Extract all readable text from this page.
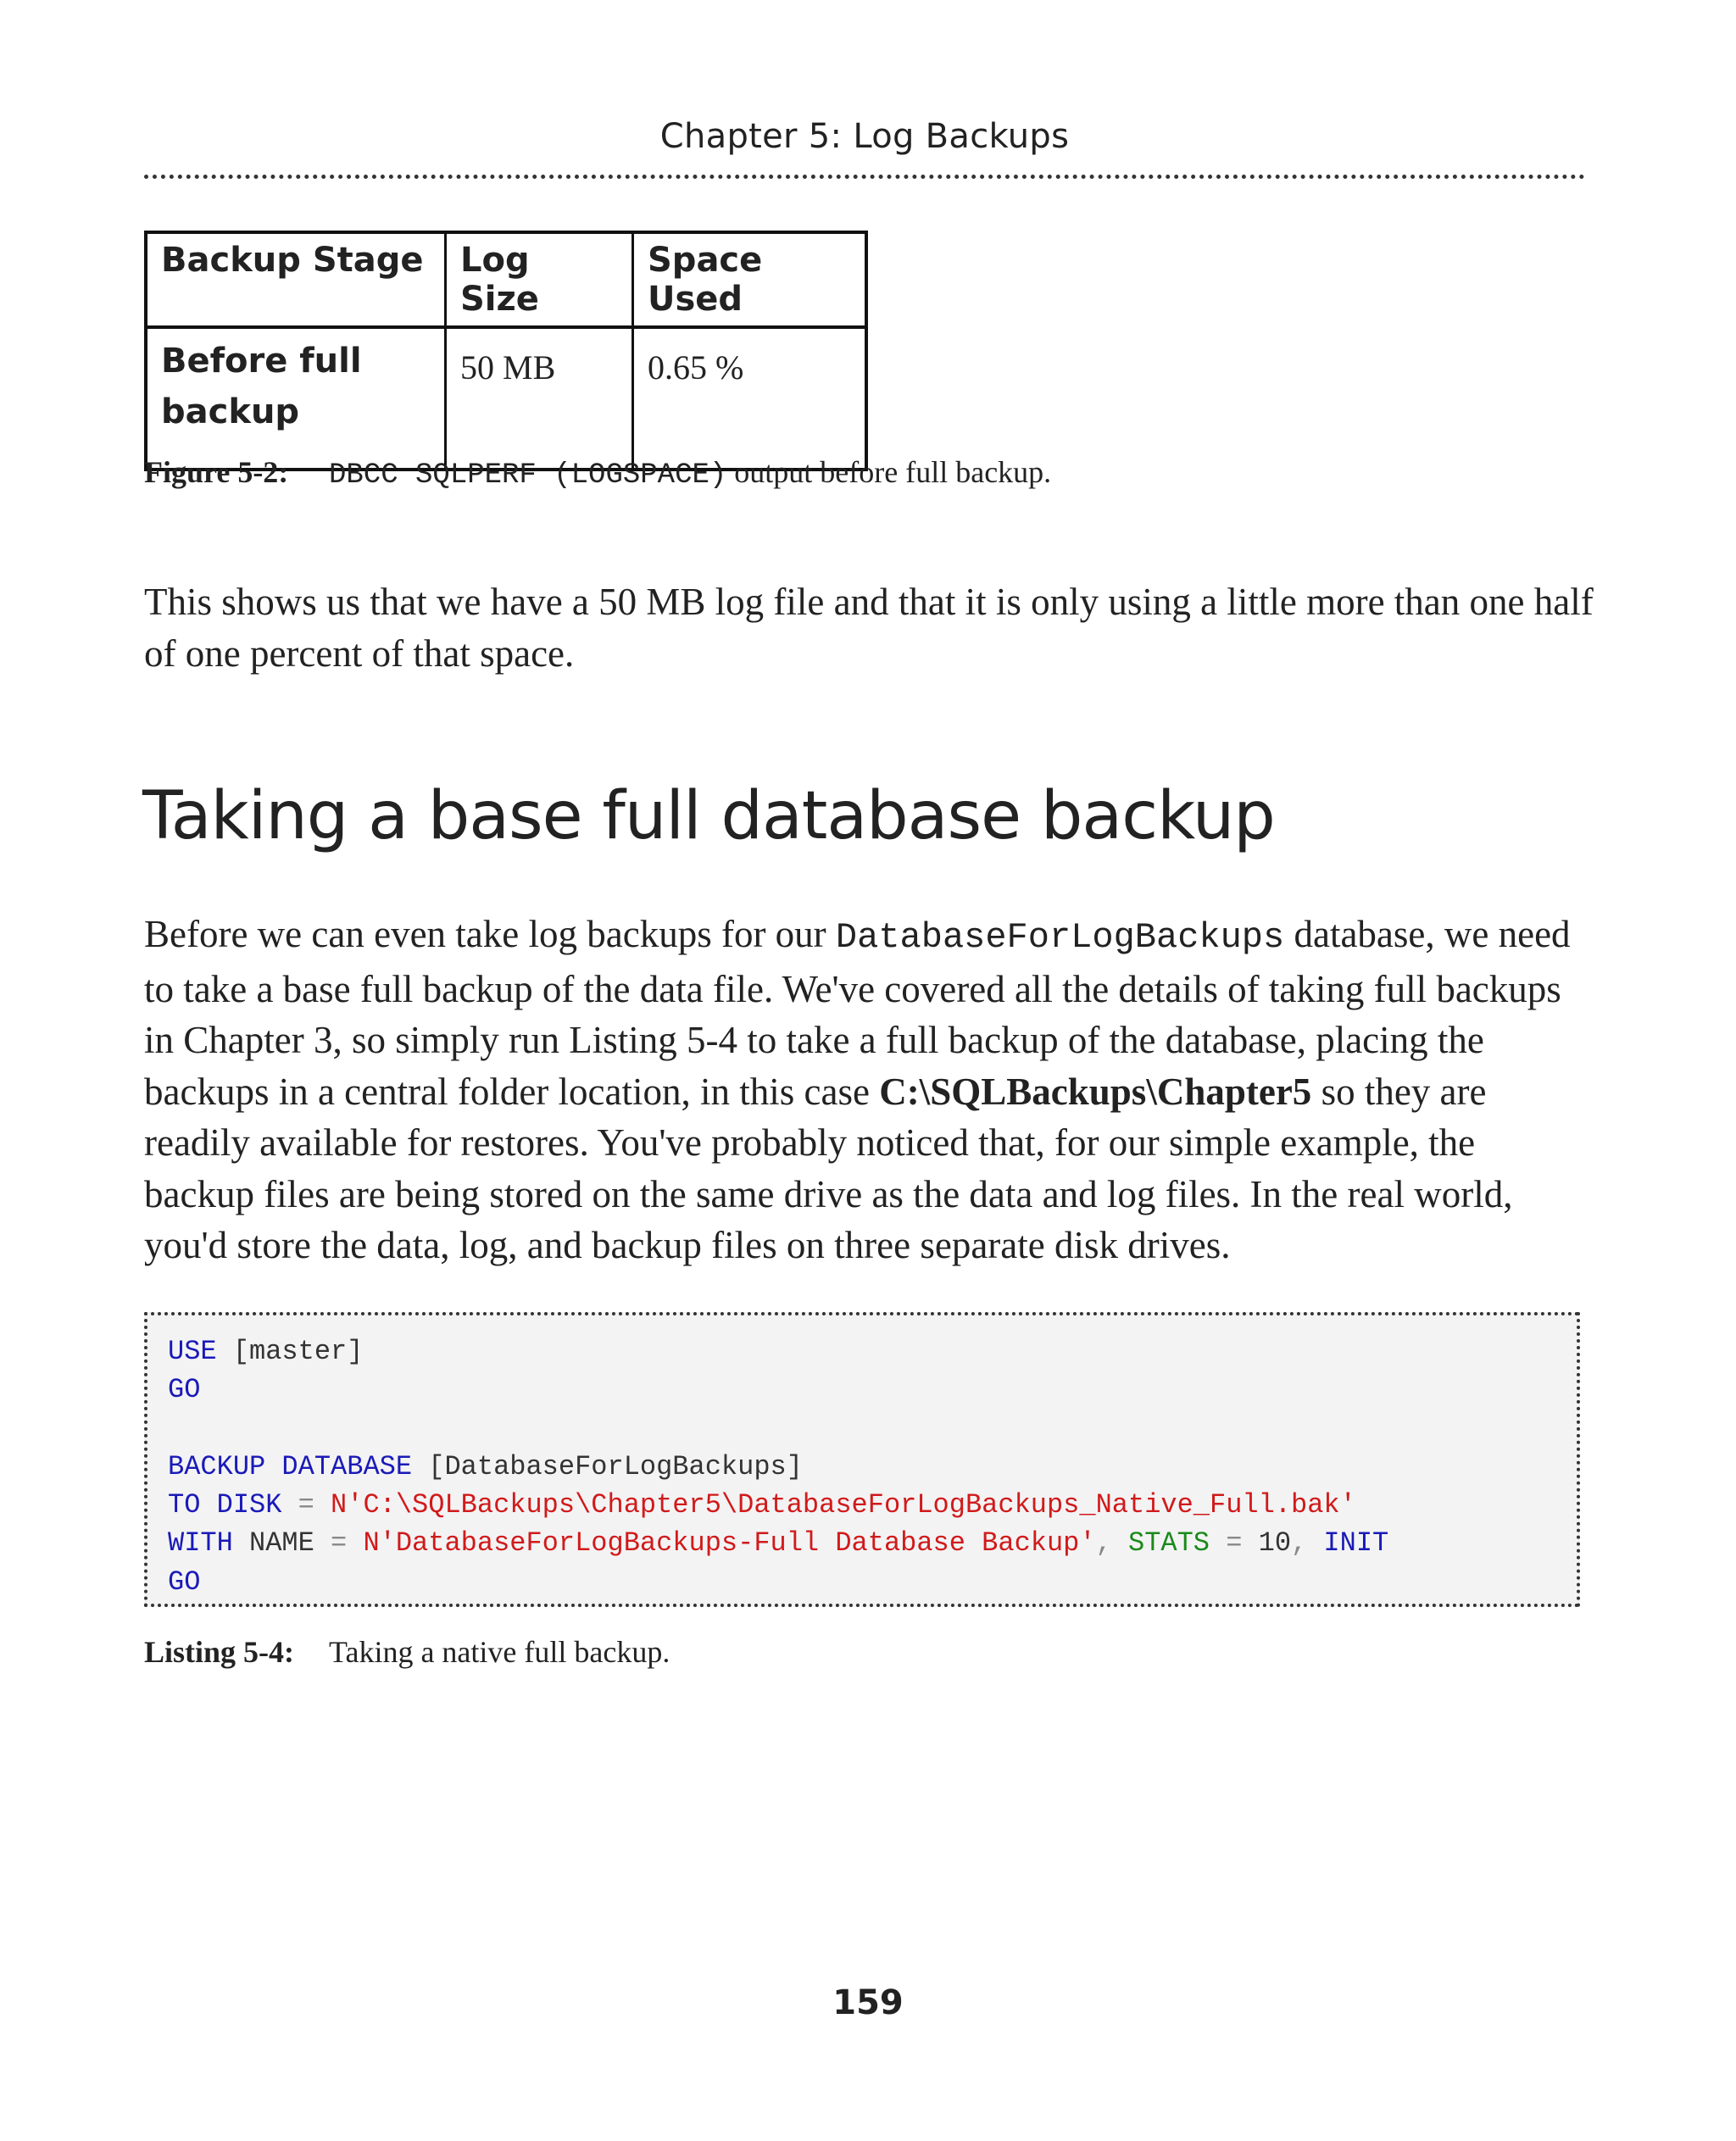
Chapter 5: Log Backups
Backup Stage	Log Size	Space Used
Before full backup	50 MB	0.65 %
Figure 5-2: DBCC SQLPERF (LOGSPACE) output before full backup.

This shows us that we have a 50 MB log file and that it is only using a little more than one half of one percent of that space.

Taking a base full database backup

Before we can even take log backups for our DatabaseForLogBackups database, we need to take a base full backup of the data file. We've covered all the details of taking full backups in Chapter 3, so simply run Listing 5-4 to take a full backup of the database, placing the backups in a central folder location, in this case C:\SQLBackups\Chapter5 so they are readily available for restores. You've probably noticed that, for our simple example, the backup files are being stored on the same drive as the data and log files. In the real world, you'd store the data, log, and backup files on three separate disk drives.

USE [master]
GO
BACKUP DATABASE [DatabaseForLogBackups]
TO DISK = N'C:\SQLBackups\Chapter5\DatabaseForLogBackups_Native_Full.bak'
WITH NAME = N'DatabaseForLogBackups-Full Database Backup', STATS = 10, INIT
GO
Listing 5-4: Taking a native full backup.
159
